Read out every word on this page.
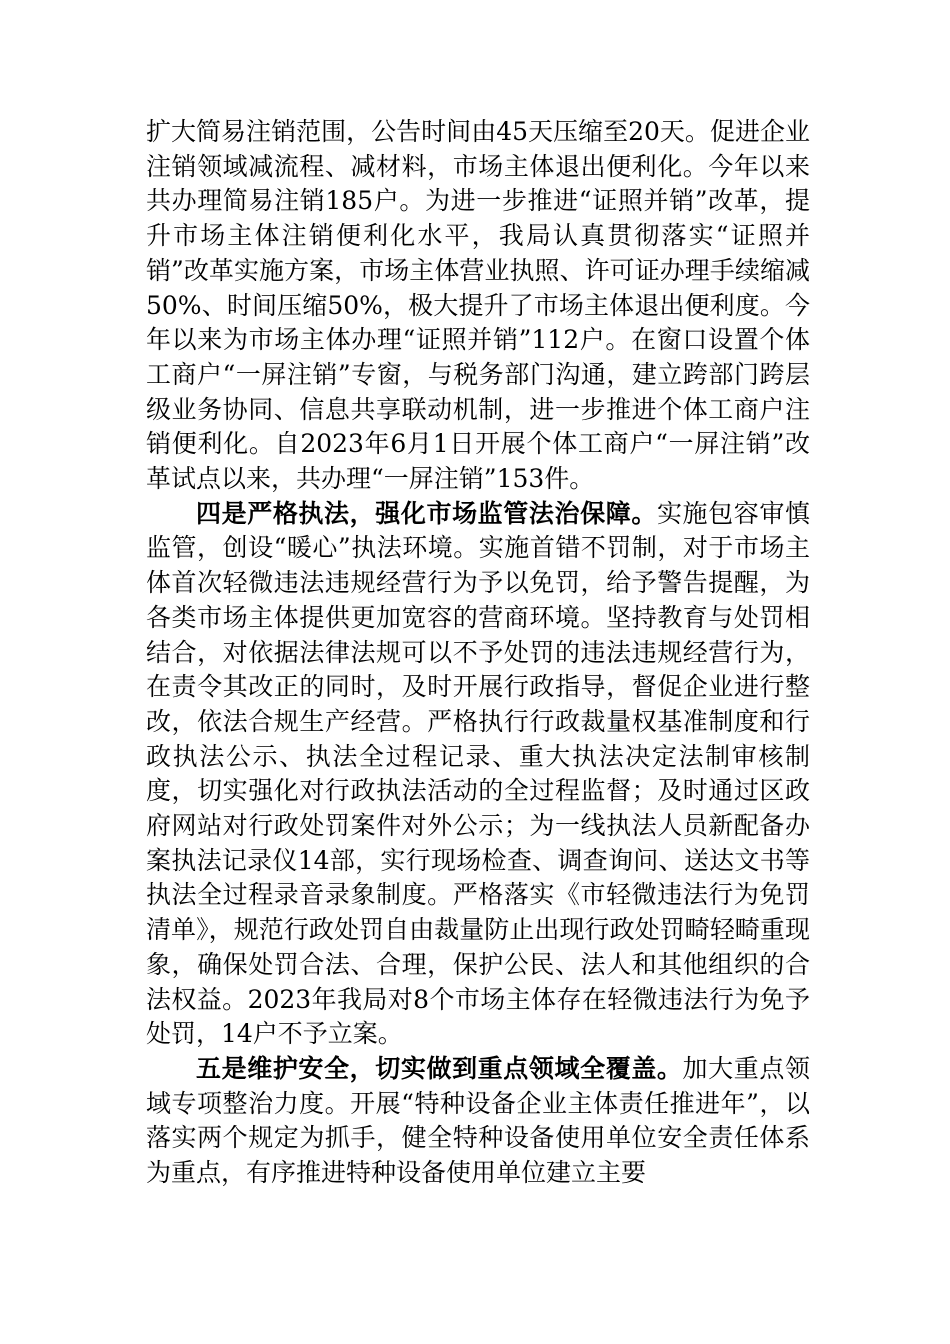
扩大简易注销范围，公告时间由45天压缩至20天。促进企业注销领域减流程、减材料，市场主体退出便利化。今年以来共办理简易注销185户。为进一步推进“证照并销”改革，提升市场主体注销便利化水平，我局认真贯彻落实“证照并销”改革实施方案，市场主体营业执照、许可证办理手续缩减50%、时间压缩50%，极大提升了市场主体退出便利度。今年以来为市场主体办理“证照并销”112户。在窗口设置个体工商户“一屏注销”专窗，与税务部门沟通，建立跨部门跨层级业务协同、信息共享联动机制，进一步推进个体工商户注销便利化。自2023年6月1日开展个体工商户“一屏注销”改革试点以来，共办理“一屏注销”153件。

四是严格执法，强化市场监管法治保障。实施包容审慎监管，创设“暖心”执法环境。实施首错不罚制，对于市场主体首次轻微违法违规经营行为予以免罚，给予警告提醒，为各类市场主体提供更加宽容的营商环境。坚持教育与处罚相结合，对依据法律法规可以不予处罚的违法违规经营行为，在责令其改正的同时，及时开展行政指导，督促企业进行整改，依法合规生产经营。严格执行行政裁量权基准制度和行政执法公示、执法全过程记录、重大执法决定法制审核制度，切实强化对行政执法活动的全过程监督；及时通过区政府网站对行政处罚案件对外公示；为一线执法人员新配备办案执法记录仪14部，实行现场检查、调查询问、送达文书等执法全过程录音录象制度。严格落实《市轻微违法行为免罚清单》，规范行政处罚自由裁量防止出现行政处罚畸轻畸重现象，确保处罚合法、合理，保护公民、法人和其他组织的合法权益。2023年我局对8个市场主体存在轻微违法行为免予处罚，14户不予立案。

五是维护安全，切实做到重点领域全覆盖。加大重点领域专项整治力度。开展“特种设备企业主体责任推进年”，以落实两个规定为抓手，健全特种设备使用单位安全责任体系为重点，有序推进特种设备使用单位建立主要
